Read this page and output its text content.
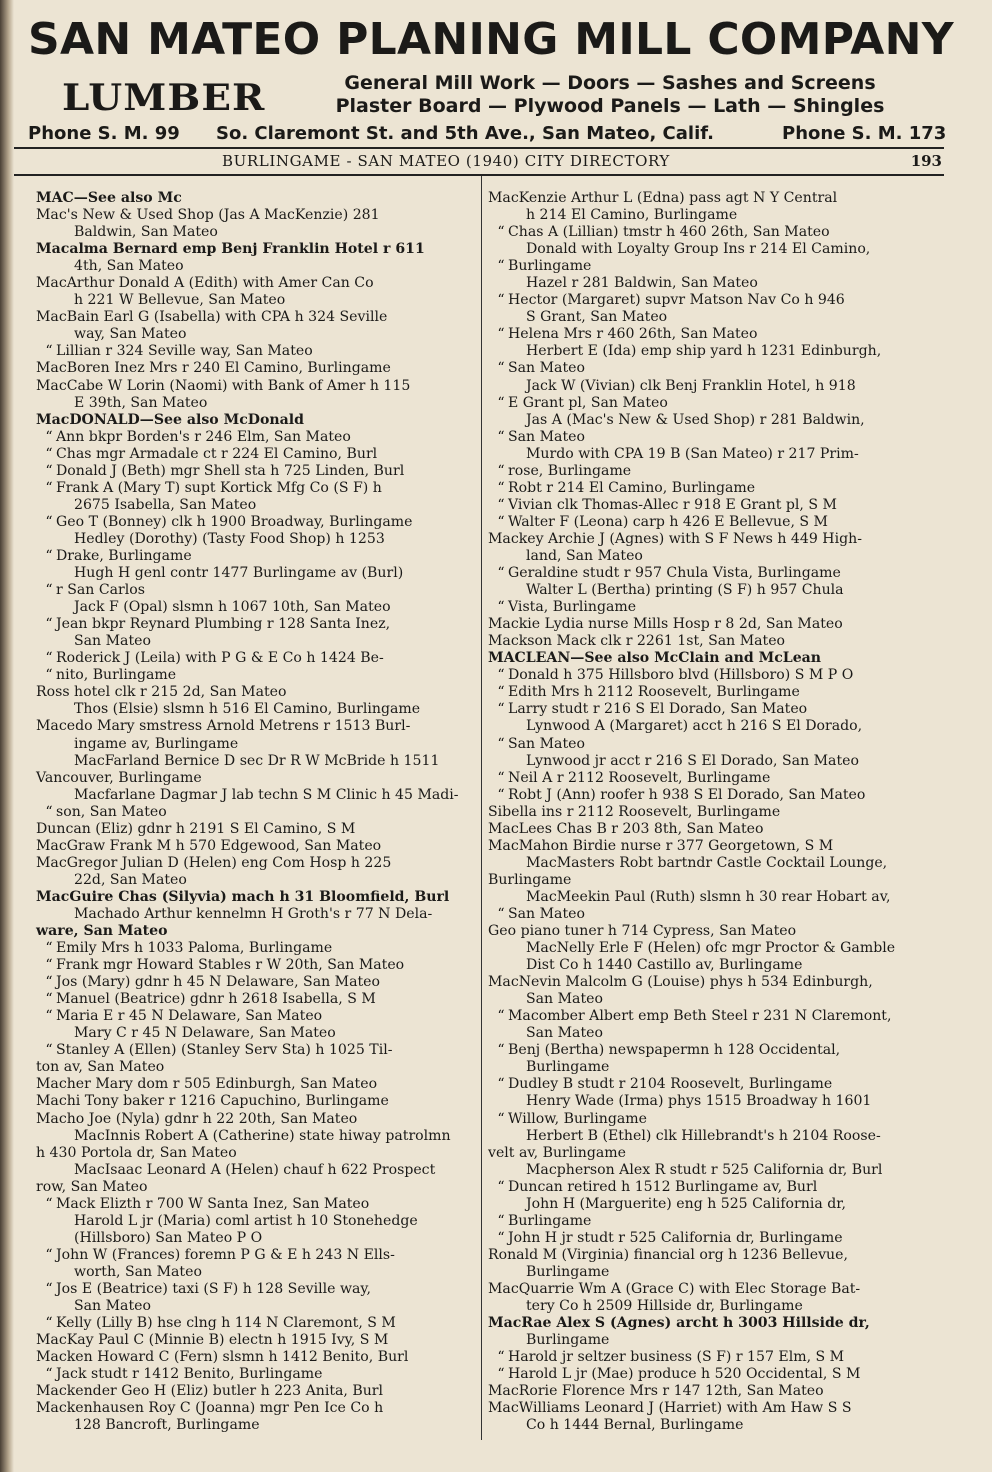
SAN MATEO PLANING MILL COMPANY
LUMBER	General Mill Work — Doors — Sashes and Screens
Plaster Board — Plywood Panels — Lath — Shingles
Phone S. M. 99 So. Claremont St. and 5th Ave., San Mateo, Calif.	Phone S. M. 173
BURLINGAME - SAN MATEO (1940) CITY DIRECTORY	193
MAC—See also Mc
Mac's New & Used Shop (Jas A MacKenzie) 281
Baldwin, San Mateo
Macalma Bernard emp Benj Franklin Hotel r 611
4th, San Mateo
MacArthur Donald A (Edith) with Amer Can Co
h 221 W Bellevue, San Mateo
MacBain Earl G (Isabella) with CPA h 324 Seville
way, San Mateo
“ Lillian r 324 Seville way, San Mateo
MacBoren Inez Mrs r 240 El Camino, Burlingame
MacCabe W Lorin (Naomi) with Bank of Amer h 115
E 39th, San Mateo
MacDONALD—See also McDonald
“ Ann bkpr Borden's r 246 Elm, San Mateo
“ Chas mgr Armadale ct r 224 El Camino, Burl
“ Donald J (Beth) mgr Shell sta h 725 Linden, Burl
“ Frank A (Mary T) supt Kortick Mfg Co (S F) h
2675 Isabella, San Mateo
“ Geo T (Bonney) clk h 1900 Broadway, Burlingame
Hedley (Dorothy) (Tasty Food Shop) h 1253
“ Drake, Burlingame
Hugh H genl contr 1477 Burlingame av (Burl)
“ r San Carlos
Jack F (Opal) slsmn h 1067 10th, San Mateo
“ Jean bkpr Reynard Plumbing r 128 Santa Inez,
San Mateo
“ Roderick J (Leila) with P G & E Co h 1424 Be-
“ nito, Burlingame
Ross hotel clk r 215 2d, San Mateo
Thos (Elsie) slsmn h 516 El Camino, Burlingame
Macedo Mary smstress Arnold Metrens r 1513 Burl-
ingame av, Burlingame
MacFarland Bernice D sec Dr R W McBride h 1511
Vancouver, Burlingame
Macfarlane Dagmar J lab techn S M Clinic h 45 Madi-
“ son, San Mateo
Duncan (Eliz) gdnr h 2191 S El Camino, S M
MacGraw Frank M h 570 Edgewood, San Mateo
MacGregor Julian D (Helen) eng Com Hosp h 225
22d, San Mateo
MacGuire Chas (Silyvia) mach h 31 Bloomfield, Burl
Machado Arthur kennelmn H Groth's r 77 N Dela-
ware, San Mateo
“ Emily Mrs h 1033 Paloma, Burlingame
“ Frank mgr Howard Stables r W 20th, San Mateo
“ Jos (Mary) gdnr h 45 N Delaware, San Mateo
“ Manuel (Beatrice) gdnr h 2618 Isabella, S M
“ Maria E r 45 N Delaware, San Mateo
Mary C r 45 N Delaware, San Mateo
“ Stanley A (Ellen) (Stanley Serv Sta) h 1025 Til-
ton av, San Mateo
Macher Mary dom r 505 Edinburgh, San Mateo
Machi Tony baker r 1216 Capuchino, Burlingame
Macho Joe (Nyla) gdnr h 22 20th, San Mateo
MacInnis Robert A (Catherine) state hiway patrolmn
h 430 Portola dr, San Mateo
MacIsaac Leonard A (Helen) chauf h 622 Prospect
row, San Mateo
“ Mack Elizth r 700 W Santa Inez, San Mateo
Harold L jr (Maria) coml artist h 10 Stonehedge
(Hillsboro) San Mateo P O
“ John W (Frances) foremn P G & E h 243 N Ells-
worth, San Mateo
“ Jos E (Beatrice) taxi (S F) h 128 Seville way,
San Mateo
“ Kelly (Lilly B) hse clng h 114 N Claremont, S M
MacKay Paul C (Minnie B) electn h 1915 Ivy, S M
Macken Howard C (Fern) slsmn h 1412 Benito, Burl
“ Jack studt r 1412 Benito, Burlingame
Mackender Geo H (Eliz) butler h 223 Anita, Burl
Mackenhausen Roy C (Joanna) mgr Pen Ice Co h
128 Bancroft, Burlingame
MacKenzie Arthur L (Edna) pass agt N Y Central
h 214 El Camino, Burlingame
“ Chas A (Lillian) tmstr h 460 26th, San Mateo
Donald with Loyalty Group Ins r 214 El Camino,
“ Burlingame
Hazel r 281 Baldwin, San Mateo
“ Hector (Margaret) supvr Matson Nav Co h 946
S Grant, San Mateo
“ Helena Mrs r 460 26th, San Mateo
Herbert E (Ida) emp ship yard h 1231 Edinburgh,
“ San Mateo
Jack W (Vivian) clk Benj Franklin Hotel, h 918
“ E Grant pl, San Mateo
Jas A (Mac's New & Used Shop) r 281 Baldwin,
“ San Mateo
Murdo with CPA 19 B (San Mateo) r 217 Prim-
“ rose, Burlingame
“ Robt r 214 El Camino, Burlingame
“ Vivian clk Thomas-Allec r 918 E Grant pl, S M
“ Walter F (Leona) carp h 426 E Bellevue, S M
Mackey Archie J (Agnes) with S F News h 449 High-
land, San Mateo
“ Geraldine studt r 957 Chula Vista, Burlingame
Walter L (Bertha) printing (S F) h 957 Chula
“ Vista, Burlingame
Mackie Lydia nurse Mills Hosp r 8 2d, San Mateo
Mackson Mack clk r 2261 1st, San Mateo
MACLEAN—See also McClain and McLean
“ Donald h 375 Hillsboro blvd (Hillsboro) S M P O
“ Edith Mrs h 2112 Roosevelt, Burlingame
“ Larry studt r 216 S El Dorado, San Mateo
Lynwood A (Margaret) acct h 216 S El Dorado,
“ San Mateo
Lynwood jr acct r 216 S El Dorado, San Mateo
“ Neil A r 2112 Roosevelt, Burlingame
“ Robt J (Ann) roofer h 938 S El Dorado, San Mateo
Sibella ins r 2112 Roosevelt, Burlingame
MacLees Chas B r 203 8th, San Mateo
MacMahon Birdie nurse r 377 Georgetown, S M
MacMasters Robt bartndr Castle Cocktail Lounge,
Burlingame
MacMeekin Paul (Ruth) slsmn h 30 rear Hobart av,
“ San Mateo
Geo piano tuner h 714 Cypress, San Mateo
MacNelly Erle F (Helen) ofc mgr Proctor & Gamble
Dist Co h 1440 Castillo av, Burlingame
MacNevin Malcolm G (Louise) phys h 534 Edinburgh,
San Mateo
“ Macomber Albert emp Beth Steel r 231 N Claremont,
San Mateo
“ Benj (Bertha) newspapermn h 128 Occidental,
Burlingame
“ Dudley B studt r 2104 Roosevelt, Burlingame
Henry Wade (Irma) phys 1515 Broadway h 1601
“ Willow, Burlingame
Herbert B (Ethel) clk Hillebrandt's h 2104 Roose-
velt av, Burlingame
Macpherson Alex R studt r 525 California dr, Burl
“ Duncan retired h 1512 Burlingame av, Burl
John H (Marguerite) eng h 525 California dr,
“ Burlingame
“ John H jr studt r 525 California dr, Burlingame
Ronald M (Virginia) financial org h 1236 Bellevue,
Burlingame
MacQuarrie Wm A (Grace C) with Elec Storage Bat-
tery Co h 2509 Hillside dr, Burlingame
MacRae Alex S (Agnes) archt h 3003 Hillside dr,
Burlingame
“ Harold jr seltzer business (S F) r 157 Elm, S M
“ Harold L jr (Mae) produce h 520 Occidental, S M
MacRorie Florence Mrs r 147 12th, San Mateo
MacWilliams Leonard J (Harriet) with Am Haw S S
Co h 1444 Bernal, Burlingame
